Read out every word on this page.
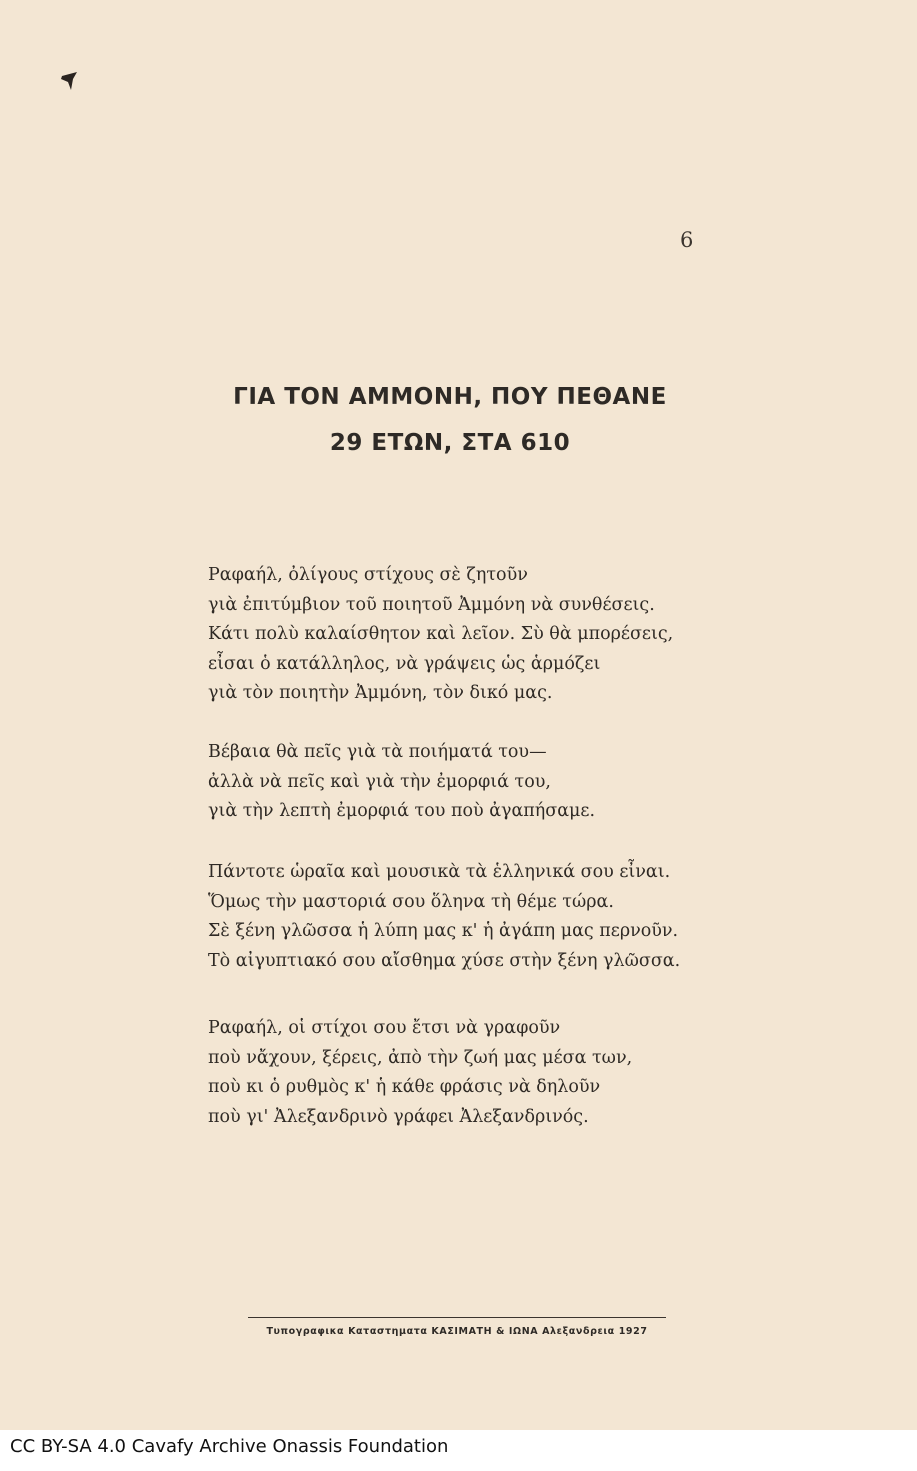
6
ΓΙΑ ΤΟΝ ΑΜΜΟΝΗ, ΠΟΥ ΠΕΘΑΝΕ
29 ΕΤΩΝ, ΣΤΑ 610
Ραφαήλ, ὀλίγους στίχους σὲ ζητοῦν
γιὰ ἐπιτύμβιον τοῦ ποιητοῦ Ἀμμόνη νὰ συνθέσεις.
Κάτι πολὺ καλαίσθητον καὶ λεῖον. Σὺ θὰ μπορέσεις,
εἶσαι ὁ κατάλληλος, νὰ γράψεις ὡς ἁρμόζει
γιὰ τὸν ποιητὴν Ἀμμόνη, τὸν δικό μας.
Βέβαια θὰ πεῖς γιὰ τὰ ποιήματά του—
ἀλλὰ νὰ πεῖς καὶ γιὰ τὴν ἐμορφιά του,
γιὰ τὴν λεπτὴ ἐμορφιά του ποὺ ἀγαπήσαμε.
Πάντοτε ὡραῖα καὶ μουσικὰ τὰ ἑλληνικά σου εἶναι.
Ὅμως τὴν μαστοριά σου ὅληνα τὴ θέμε τώρα.
Σὲ ξένη γλῶσσα ἡ λύπη μας κ' ἡ ἀγάπη μας περνοῦν.
Τὸ αἰγυπτιακό σου αἴσθημα χύσε στὴν ξένη γλῶσσα.
Ραφαήλ, οἱ στίχοι σου ἔτσι νὰ γραφοῦν
ποὺ νἄχουν, ξέρεις, ἀπὸ τὴν ζωή μας μέσα των,
ποὺ κι ὁ ρυθμὸς κ' ἡ κάθε φράσις νὰ δηλοῦν
ποὺ γι' Ἀλεξανδρινὸ γράφει Ἀλεξανδρινός.
Τυπογραφικα Καταστηματα ΚΑΣΙΜΑΤΗ & ΙΩΝΑ Αλεξανδρεια 1927
CC BY-SA 4.0 Cavafy Archive Onassis Foundation
